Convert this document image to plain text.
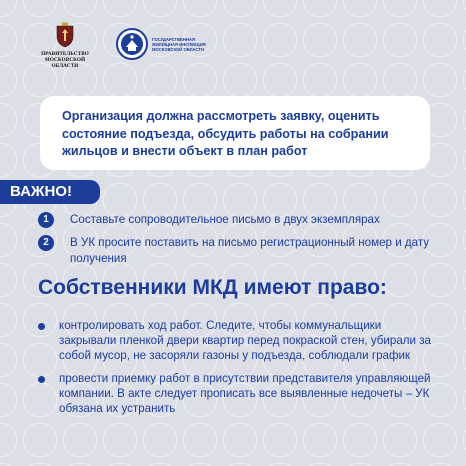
ПРАВИТЕЛЬСТВО
МОСКОВСКОЙ
ОБЛАСТИ
ГОСУДАРСТВЕННАЯ
ЖИЛИЩНАЯ ИНСПЕКЦИЯ
МОСКОВСКОЙ ОБЛАСТИ

Организация должна рассмотреть заявку, оценить состояние подъезда, обсудить работы на собрании жильцов и внести объект в план работ

ВАЖНО!
1	Составьте сопроводительное письмо в двух экземплярах
2	В УК просите поставить на письмо регистрационный номер и дату получения
Собственники МКД имеют право:
контролировать ход работ. Следите, чтобы коммунальщики закрывали пленкой двери квартир перед покраской стен, убирали за собой мусор, не засоряли газоны у подъезда, соблюдали график
провести приемку работ в присутствии представителя управляющей компании. В акте следует прописать все выявленные недочеты – УК обязана их устранить
